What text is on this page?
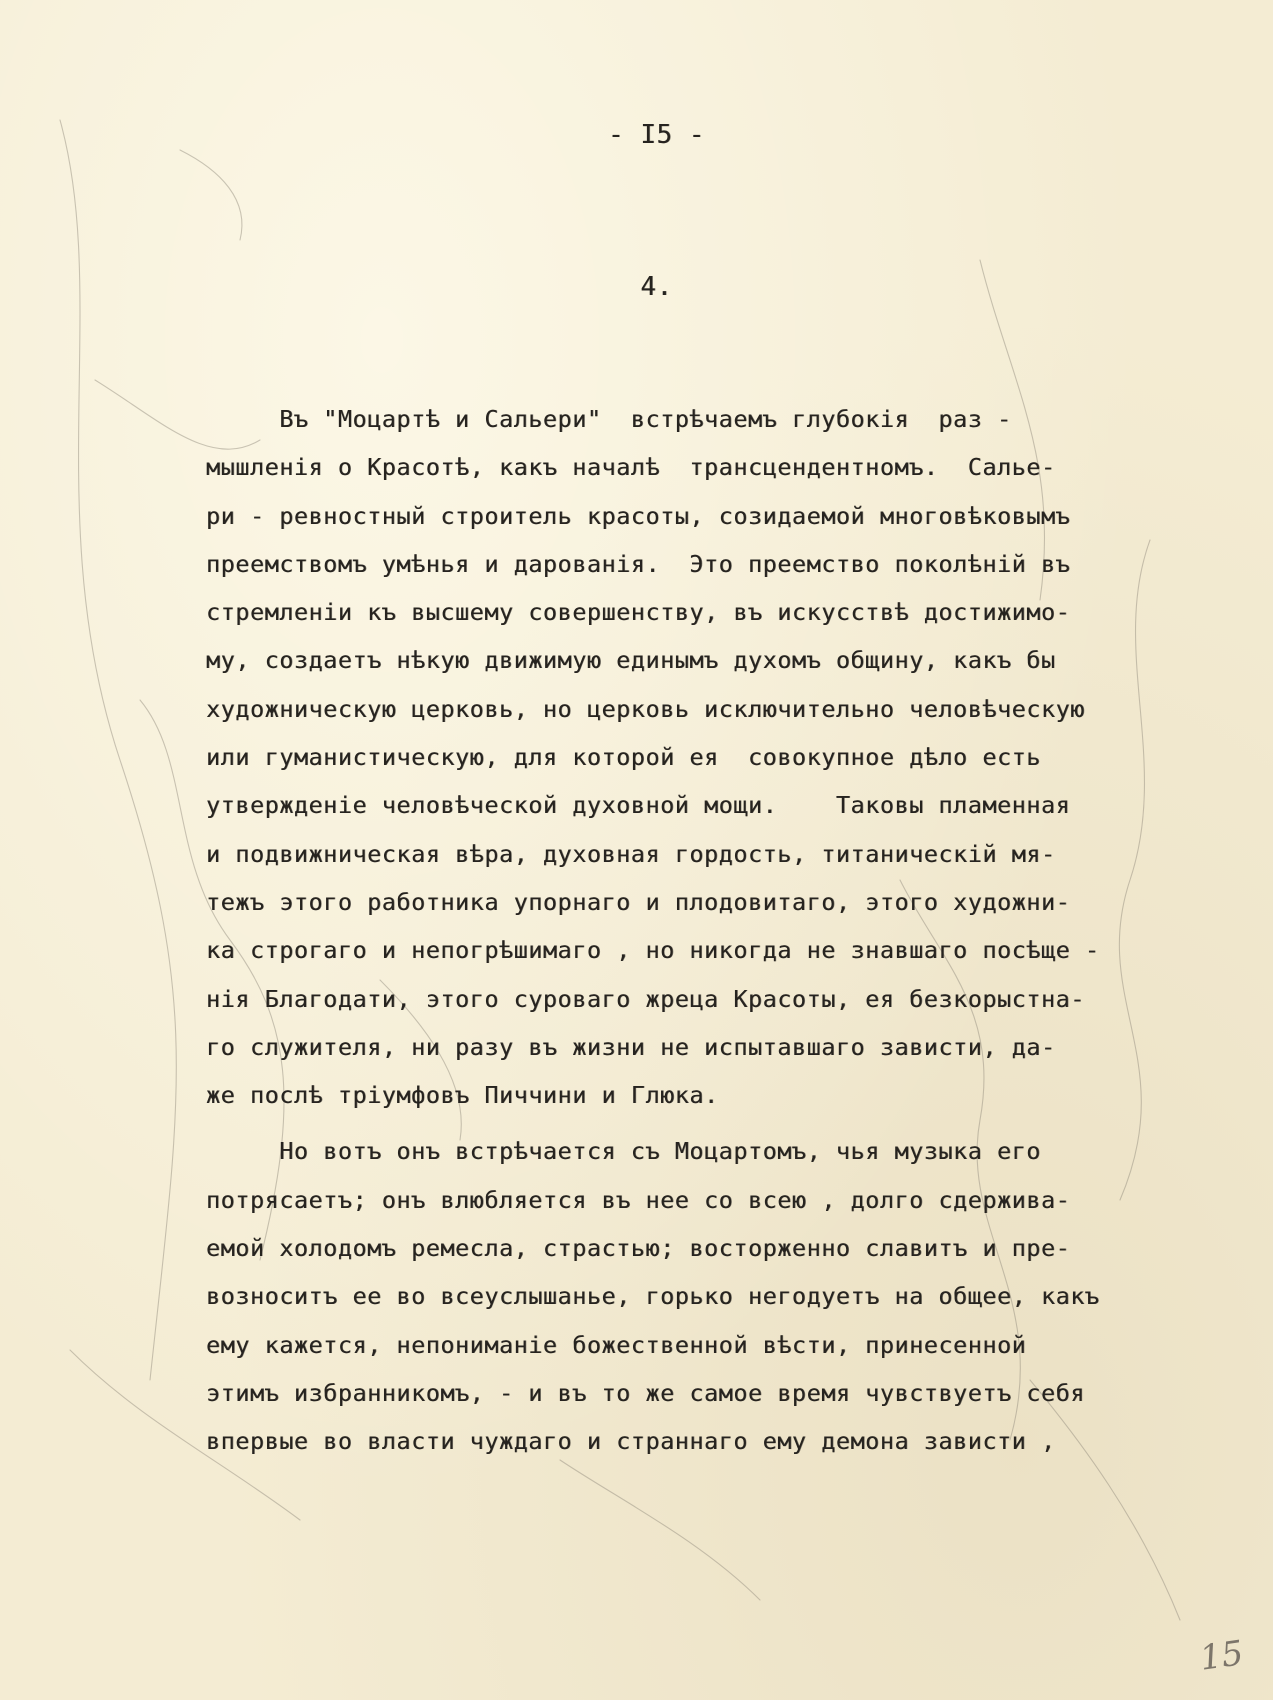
- I5 -
4.
Въ "Моцартѣ и Сальери"  встрѣчаемъ глубокiя  раз -
мышленiя о Красотѣ, какъ началѣ  трансцендентномъ.  Салье-
ри - ревностный строитель красоты, созидаемой многовѣковымъ
преемствомъ умѣнья и дарованiя.  Это преемство поколѣнiй въ
стремленiи къ высшему совершенству, въ искусствѣ достижимо-
му, создаетъ нѣкую движимую единымъ духомъ общину, какъ бы
художническую церковь, но церковь исключительно человѣческую
или гуманистическую, для которой ея  совокупное дѣло есть
утвержденiе человѣческой духовной мощи.    Таковы пламенная
и подвижническая вѣра, духовная гордость, титаническiй мя-
тежъ этого работника упорнаго и плодовитаго, этого художни-
ка строгаго и непогрѣшимаго , но никогда не знавшаго посѣще -
нiя Благодати, этого суроваго жреца Красоты, ея безкорыстна-
го служителя, ни разу въ жизни не испытавшаго зависти, да-
же послѣ трiумфовъ Пиччини и Глюка.
Но вотъ онъ встрѣчается съ Моцартомъ, чья музыка его
потрясаетъ; онъ влюбляется въ нее со всею , долго сдержива-
емой холодомъ ремесла, страстью; восторженно славитъ и пре-
возноситъ ее во всеуслышанье, горько негодуетъ на общее, какъ
ему кажется, непониманiе божественной вѣсти, принесенной
этимъ избранникомъ, - и въ то же самое время чувствуетъ себя
впервые во власти чуждаго и страннаго ему демона зависти ,
15
